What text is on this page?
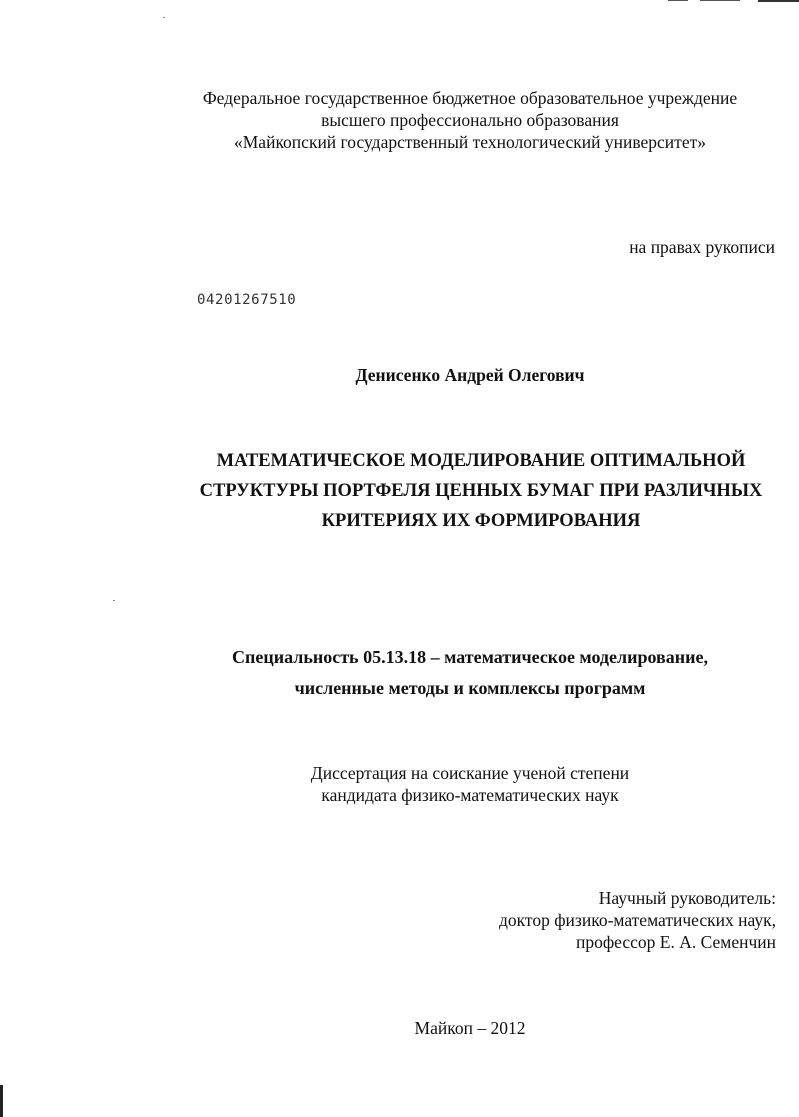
Федеральное государственное бюджетное образовательное учреждение
высшего профессионально образования
«Майкопский государственный технологический университет»
на правах рукописи
04201267510
Денисенко Андрей Олегович
МАТЕМАТИЧЕСКОЕ МОДЕЛИРОВАНИЕ ОПТИМАЛЬНОЙ
СТРУКТУРЫ ПОРТФЕЛЯ ЦЕННЫХ БУМАГ ПРИ РАЗЛИЧНЫХ
КРИТЕРИЯХ ИХ ФОРМИРОВАНИЯ
Специальность 05.13.18 – математическое моделирование,
численные методы и комплексы программ
Диссертация на соискание ученой степени
кандидата физико-математических наук
Научный руководитель:
доктор физико-математических наук,
профессор Е. А. Семенчин
Майкоп – 2012
